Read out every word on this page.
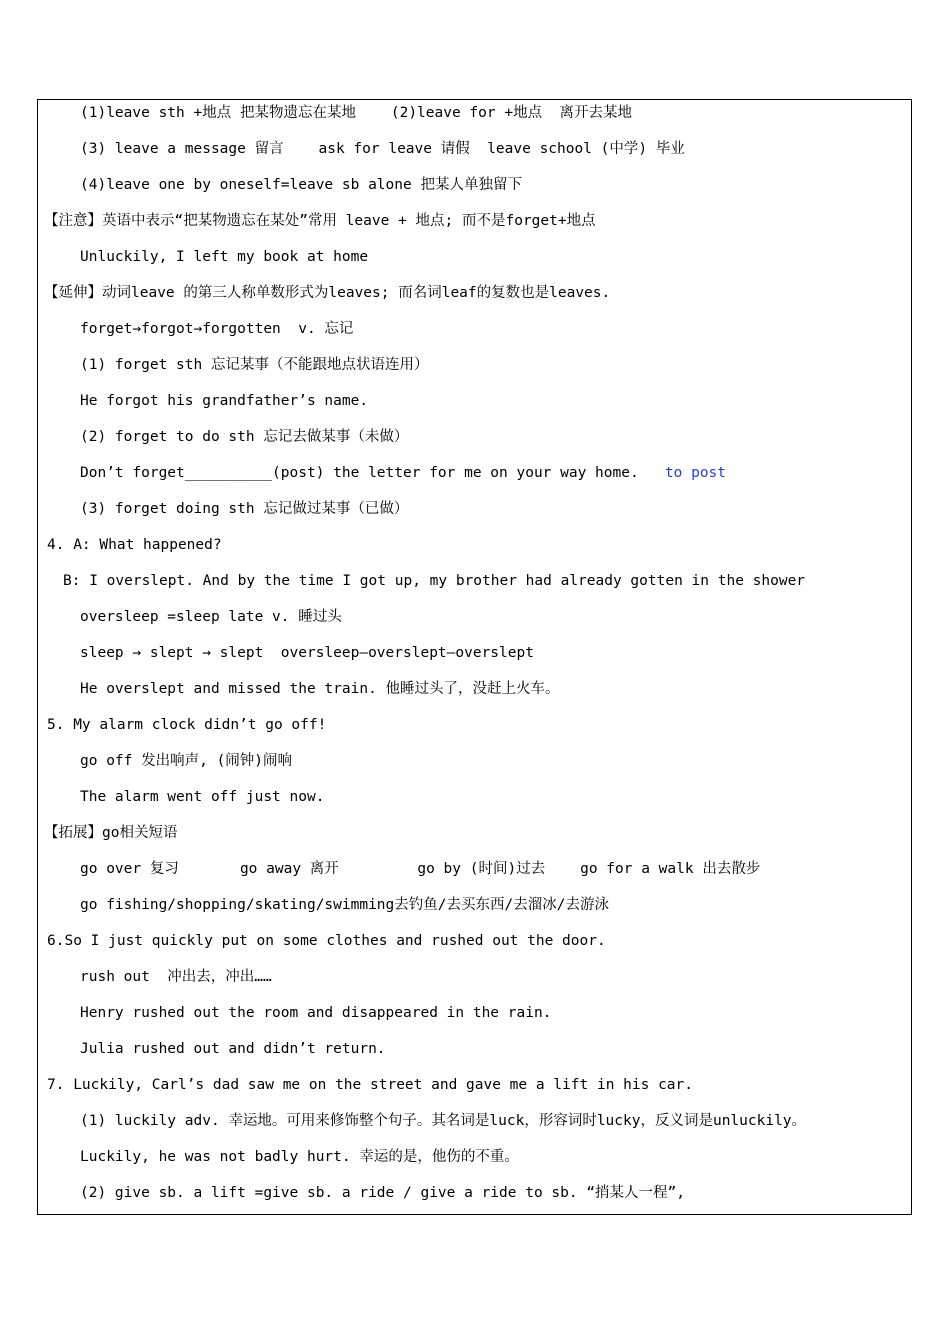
(1)leave sth +地点 把某物遗忘在某地    (2)leave for +地点  离开去某地
(3) leave a message 留言    ask for leave 请假  leave school (中学) 毕业
(4)leave one by oneself=leave sb alone 把某人单独留下
【注意】英语中表示“把某物遗忘在某处”常用 leave + 地点; 而不是forget+地点
Unluckily, I left my book at home
【延伸】动词leave 的第三人称单数形式为leaves; 而名词leaf的复数也是leaves.
forget→forgot→forgotten  v. 忘记
(1) forget sth 忘记某事（不能跟地点状语连用）
He forgot his grandfather’s name.
(2) forget to do sth 忘记去做某事（未做）
Don’t forget__________(post) the letter for me on your way home. to post
(3) forget doing sth 忘记做过某事（已做）
4. A: What happened?
B: I overslept. And by the time I got up, my brother had already gotten in the shower
oversleep =sleep late v. 睡过头
sleep → slept → slept  oversleep—overslept—overslept
He overslept and missed the train. 他睡过头了，没赶上火车。
5. My alarm clock didn’t go off!
go off 发出响声, (闹钟)闹响
The alarm went off just now.
【拓展】go相关短语
go over 复习       go away 离开         go by (时间)过去    go for a walk 出去散步
go fishing/shopping/skating/swimming去钓鱼/去买东西/去溜冰/去游泳
6.So I just quickly put on some clothes and rushed out the door.
rush out  冲出去，冲出……
Henry rushed out the room and disappeared in the rain.
Julia rushed out and didn’t return.
7. Luckily, Carl’s dad saw me on the street and gave me a lift in his car.
(1) luckily adv. 幸运地。可用来修饰整个句子。其名词是luck，形容词时lucky，反义词是unluckily。
Luckily, he was not badly hurt. 幸运的是，他伤的不重。
(2) give sb. a lift =give sb. a ride / give a ride to sb. “捎某人一程”,
